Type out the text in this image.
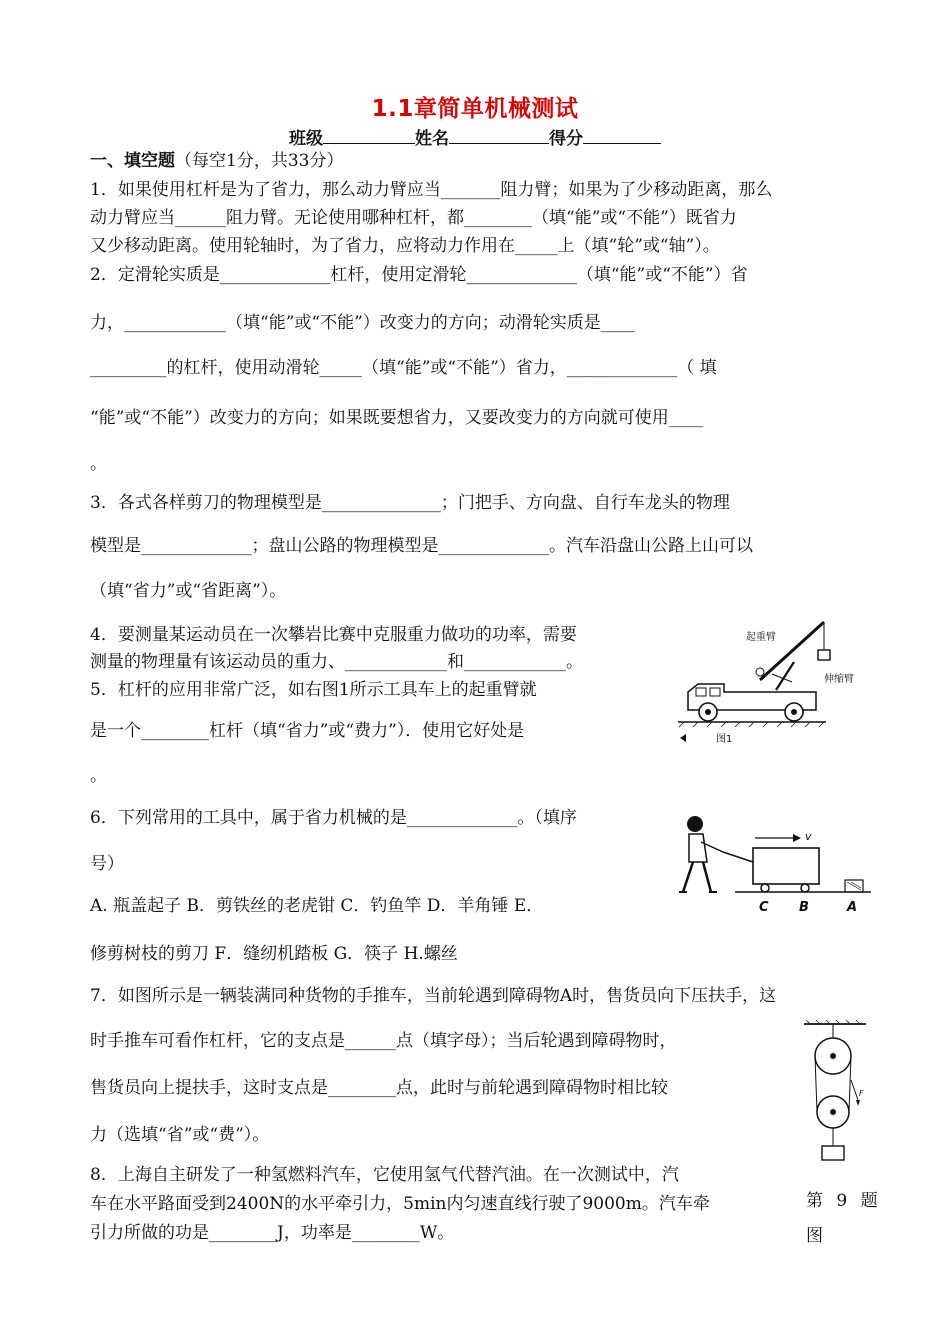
1.1章简单机械测试
班级	姓名	得分
一、填空题（每空1分，共33分）
1．如果使用杠杆是为了省力，那么动力臂应当_______阻力臂；如果为了少移动距离，那么
动力臂应当______阻力臂。无论使用哪种杠杆，都________（填“能”或“不能”）既省力
又少移动距离。使用轮轴时，为了省力，应将动力作用在_____上（填“轮”或“轴”）。
2．定滑轮实质是_____________杠杆，使用定滑轮_____________（填“能”或“不能”）省
力，____________（填“能”或“不能”）改变力的方向；动滑轮实质是____
_________的杠杆，使用动滑轮_____（填“能”或“不能”）省力，_____________（ 填
“能”或“不能”）改变力的方向；如果既要想省力，又要改变力的方向就可使用____
。
3．各式各样剪刀的物理模型是______________；门把手、方向盘、自行车龙头的物理
模型是_____________；盘山公路的物理模型是_____________。汽车沿盘山公路上山可以
（填“省力”或“省距离”）。
4．要测量某运动员在一次攀岩比赛中克服重力做功的功率，需要
测量的物理量有该运动员的重力、____________和____________。
5．杠杆的应用非常广泛，如右图1所示工具车上的起重臂就
是一个________杠杆（填“省力”或“费力”）．使用它好处是
。
6．下列常用的工具中，属于省力机械的是_____________。（填序
号）
A. 瓶盖起子 B．剪铁丝的老虎钳 C．钓鱼竿 D．羊角锤 E．
修剪树枝的剪刀 F．缝纫机踏板 G．筷子 H.螺丝
7．如图所示是一辆装满同种货物的手推车，当前轮遇到障碍物A时，售货员向下压扶手，这
时手推车可看作杠杆，它的支点是______点（填字母）；当后轮遇到障碍物时，
售货员向上提扶手，这时支点是________点，此时与前轮遇到障碍物时相比较
力（选填“省”或“费”）。
8．上海自主研发了一种氢燃料汽车，它使用氢气代替汽油。在一次测试中，汽
车在水平路面受到2400N的水平牵引力，5min内匀速直线行驶了9000m。汽车牵
引力所做的功是________J，功率是________W。
起重臂
伸缩臂
图1
v
C B	A
F
第 9 题
图
